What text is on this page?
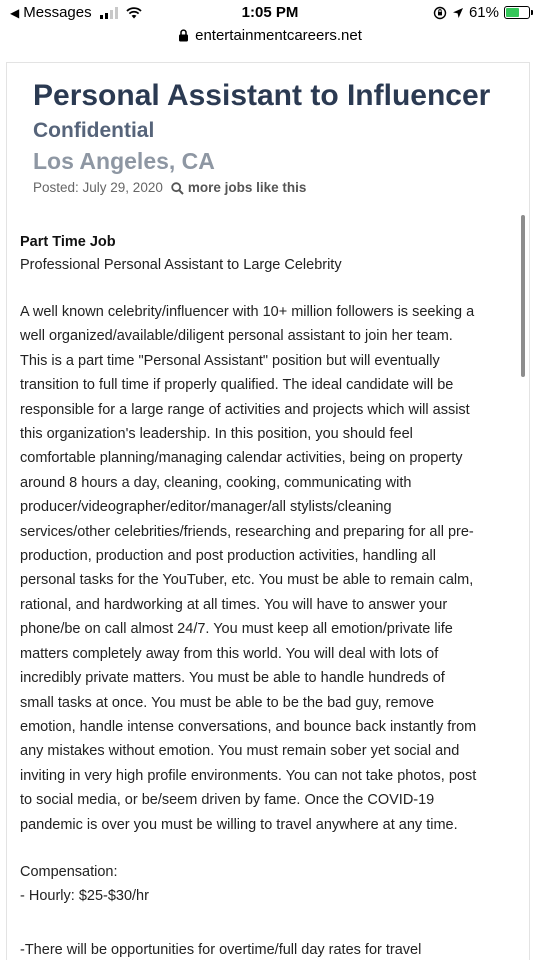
◀ Messages	1:05 PM	61%
entertainmentcareers.net
Personal Assistant to Influencer
Confidential
Los Angeles, CA
Posted: July 29, 2020 more jobs like this
Part Time Job
Professional Personal Assistant to Large Celebrity
A well known celebrity/influencer with 10+ million followers is seeking a
well organized/available/diligent personal assistant to join her team.
This is a part time "Personal Assistant" position but will eventually
transition to full time if properly qualified. The ideal candidate will be
responsible for a large range of activities and projects which will assist
this organization's leadership. In this position, you should feel
comfortable planning/managing calendar activities, being on property
around 8 hours a day, cleaning, cooking, communicating with
producer/videographer/editor/manager/all stylists/cleaning
services/other celebrities/friends, researching and preparing for all pre-
production, production and post production activities, handling all
personal tasks for the YouTuber, etc. You must be able to remain calm,
rational, and hardworking at all times. You will have to answer your
phone/be on call almost 24/7. You must keep all emotion/private life
matters completely away from this world. You will deal with lots of
incredibly private matters. You must be able to handle hundreds of
small tasks at once. You must be able to be the bad guy, remove
emotion, handle intense conversations, and bounce back instantly from
any mistakes without emotion. You must remain sober yet social and
inviting in very high profile environments. You can not take photos, post
to social media, or be/seem driven by fame. Once the COVID-19
pandemic is over you must be willing to travel anywhere at any time.
Compensation:
- Hourly: $25-$30/hr
-There will be opportunities for overtime/full day rates for travel
